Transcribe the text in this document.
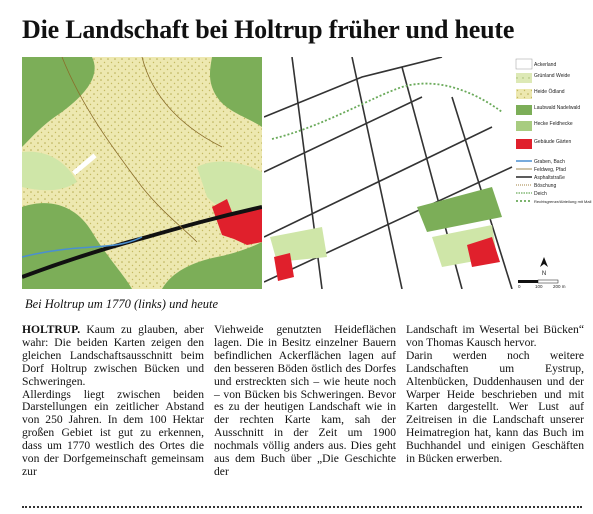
Die Landschaft bei Holtrup früher und heute
Ackerland
Grünland Weide
Heide Ödland
Laubwald Nadelwald
Hecke Feldhecke
Gebäude Gärten
Graben, Bach
Feldweg, Pfad
Asphaltstraße
Böschung
Deich
Rechtsgrenze/Abteilung mit Mall
N
0	100 200 m
Bei Holtrup um 1770 (links) und heute

HOLTRUP. Kaum zu glauben, aber wahr: Die beiden Karten zeigen den gleichen Landschaftsausschnitt beim Dorf Holtrup zwischen Bücken und Schweringen.

Allerdings liegt zwischen beiden Darstellungen ein zeitlicher Abstand von 250 Jahren. In dem 100 Hektar großen Gebiet ist gut zu erkennen, dass um 1770 westlich des Ortes die von der Dorfgemeinschaft gemeinsam zur

Viehweide genutzten Heideflächen lagen. Die in Besitz einzelner Bauern befindlichen Ackerflächen lagen auf den besseren Böden östlich des Dorfes und erstreckten sich – wie heute noch – von Bücken bis Schweringen. Bevor es zu der heutigen Landschaft wie in der rechten Karte kam, sah der Ausschnitt in der Zeit um 1900 nochmals völlig anders aus. Dies geht aus dem Buch über „Die Geschichte der

Landschaft im Wesertal bei Bücken“ von Thomas Kausch hervor.

Darin werden noch weitere Landschaften um Eystrup, Altenbücken, Duddenhausen und der Warper Heide beschrieben und mit Karten dargestellt. Wer Lust auf Zeitreisen in die Landschaft unserer Heimatregion hat, kann das Buch im Buchhandel und einigen Geschäften in Bücken erwerben.
